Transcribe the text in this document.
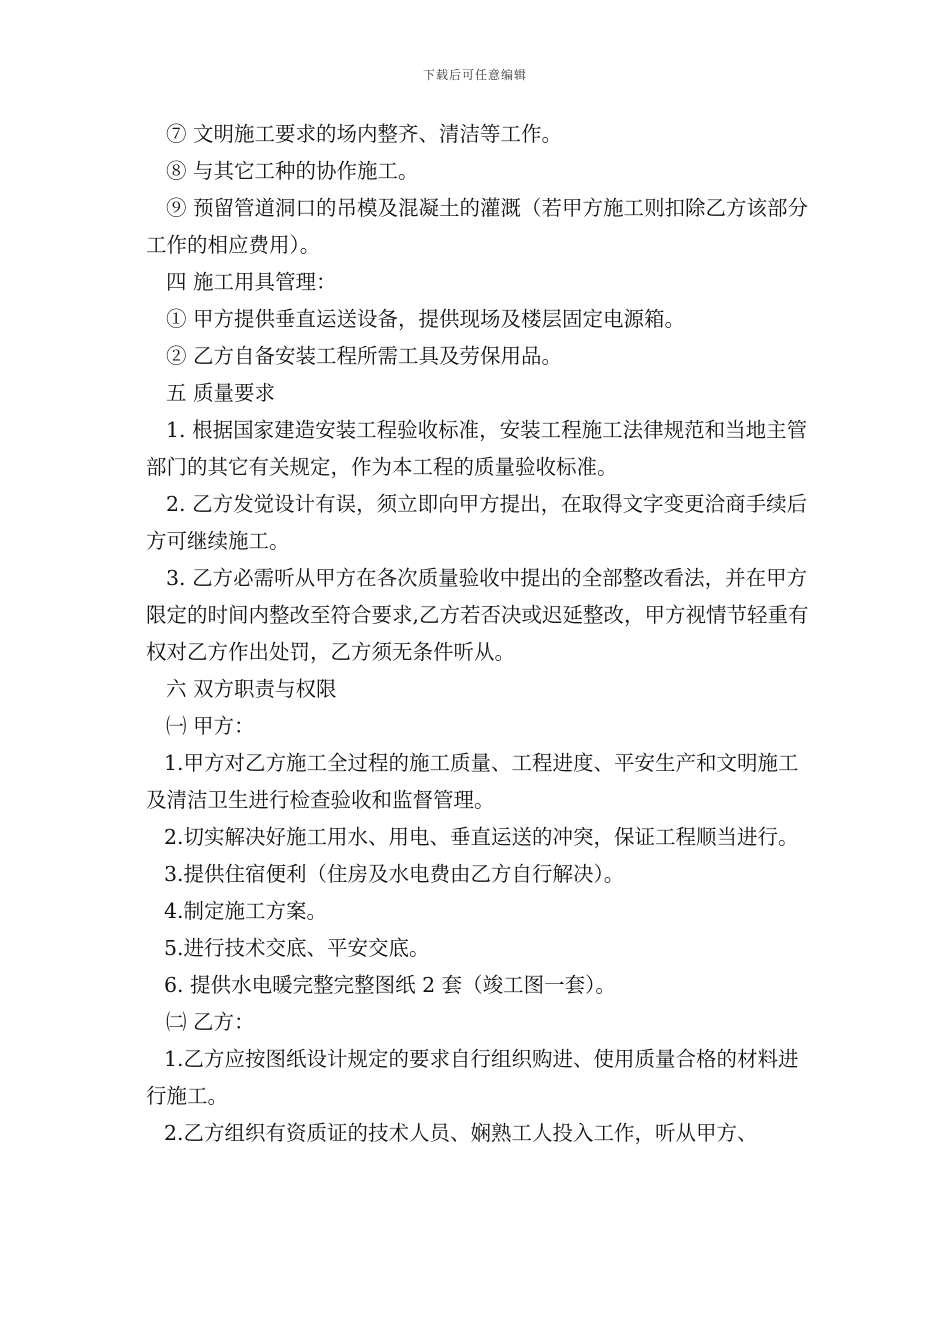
下载后可任意编辑

⑦ 文明施工要求的场内整齐、清洁等工作。

⑧ 与其它工种的协作施工。

⑨ 预留管道洞口的吊模及混凝土的灌溉（若甲方施工则扣除乙方该部分工作的相应费用）。

四 施工用具管理：

① 甲方提供垂直运送设备，提供现场及楼层固定电源箱。

② 乙方自备安装工程所需工具及劳保用品。

五 质量要求

1. 根据国家建造安装工程验收标准，安装工程施工法律规范和当地主管部门的其它有关规定，作为本工程的质量验收标准。

2. 乙方发觉设计有误，须立即向甲方提出，在取得文字变更洽商手续后方可继续施工。

3. 乙方必需听从甲方在各次质量验收中提出的全部整改看法，并在甲方限定的时间内整改至符合要求,乙方若否决或迟延整改，甲方视情节轻重有权对乙方作出处罚，乙方须无条件听从。

六 双方职责与权限

㈠ 甲方：

1.甲方对乙方施工全过程的施工质量、工程进度、平安生产和文明施工及清洁卫生进行检查验收和监督管理。

2.切实解决好施工用水、用电、垂直运送的冲突，保证工程顺当进行。

3.提供住宿便利（住房及水电费由乙方自行解决）。

4.制定施工方案。

5.进行技术交底、平安交底。

6. 提供水电暖完整完整图纸 2 套（竣工图一套）。

㈡ 乙方：

1.乙方应按图纸设计规定的要求自行组织购进、使用质量合格的材料进行施工。

2.乙方组织有资质证的技术人员、娴熟工人投入工作，听从甲方、
